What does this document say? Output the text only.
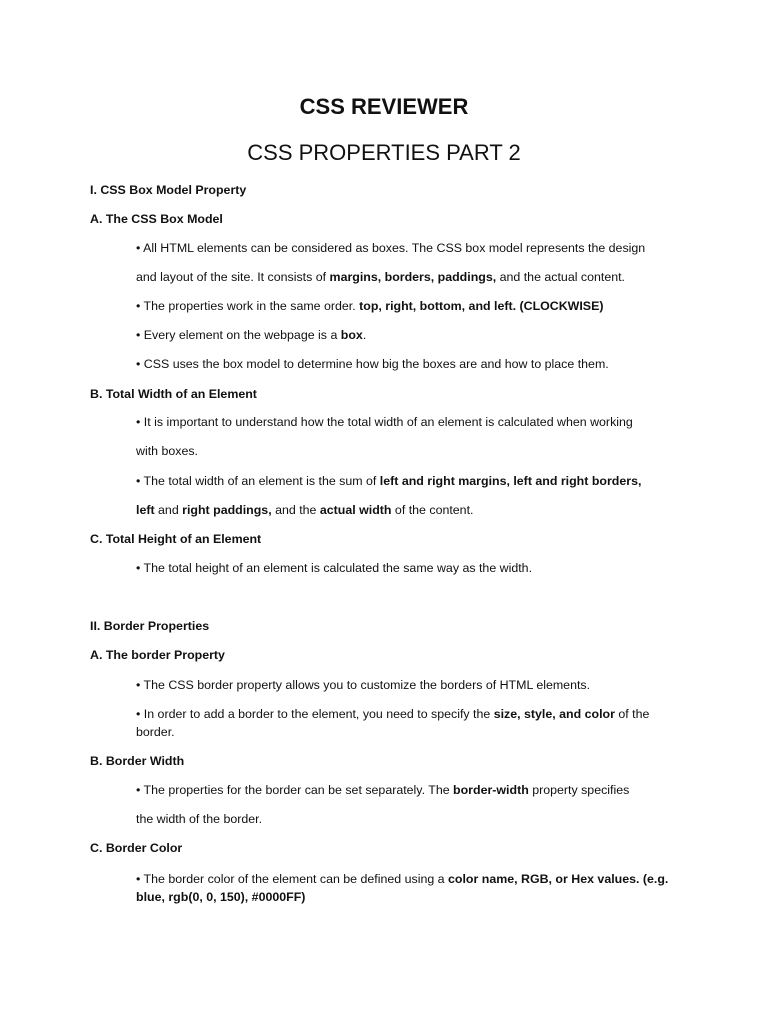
CSS REVIEWER
CSS PROPERTIES PART 2
I. CSS Box Model Property
A. The CSS Box Model
• All HTML elements can be considered as boxes. The CSS box model represents the design
and layout of the site. It consists of margins, borders, paddings, and the actual content.
• The properties work in the same order. top, right, bottom, and left. (CLOCKWISE)
• Every element on the webpage is a box.
• CSS uses the box model to determine how big the boxes are and how to place them.
B. Total Width of an Element
• It is important to understand how the total width of an element is calculated when working
with boxes.
• The total width of an element is the sum of left and right margins, left and right borders,
left and right paddings, and the actual width of the content.
C. Total Height of an Element
• The total height of an element is calculated the same way as the width.
II. Border Properties
A. The border Property
• The CSS border property allows you to customize the borders of HTML elements.
• In order to add a border to the element, you need to specify the size, style, and color of the
border.
B. Border Width
• The properties for the border can be set separately. The border-width property specifies
the width of the border.
C. Border Color
• The border color of the element can be defined using a color name, RGB, or Hex values. (e.g.
blue, rgb(0, 0, 150), #0000FF)
